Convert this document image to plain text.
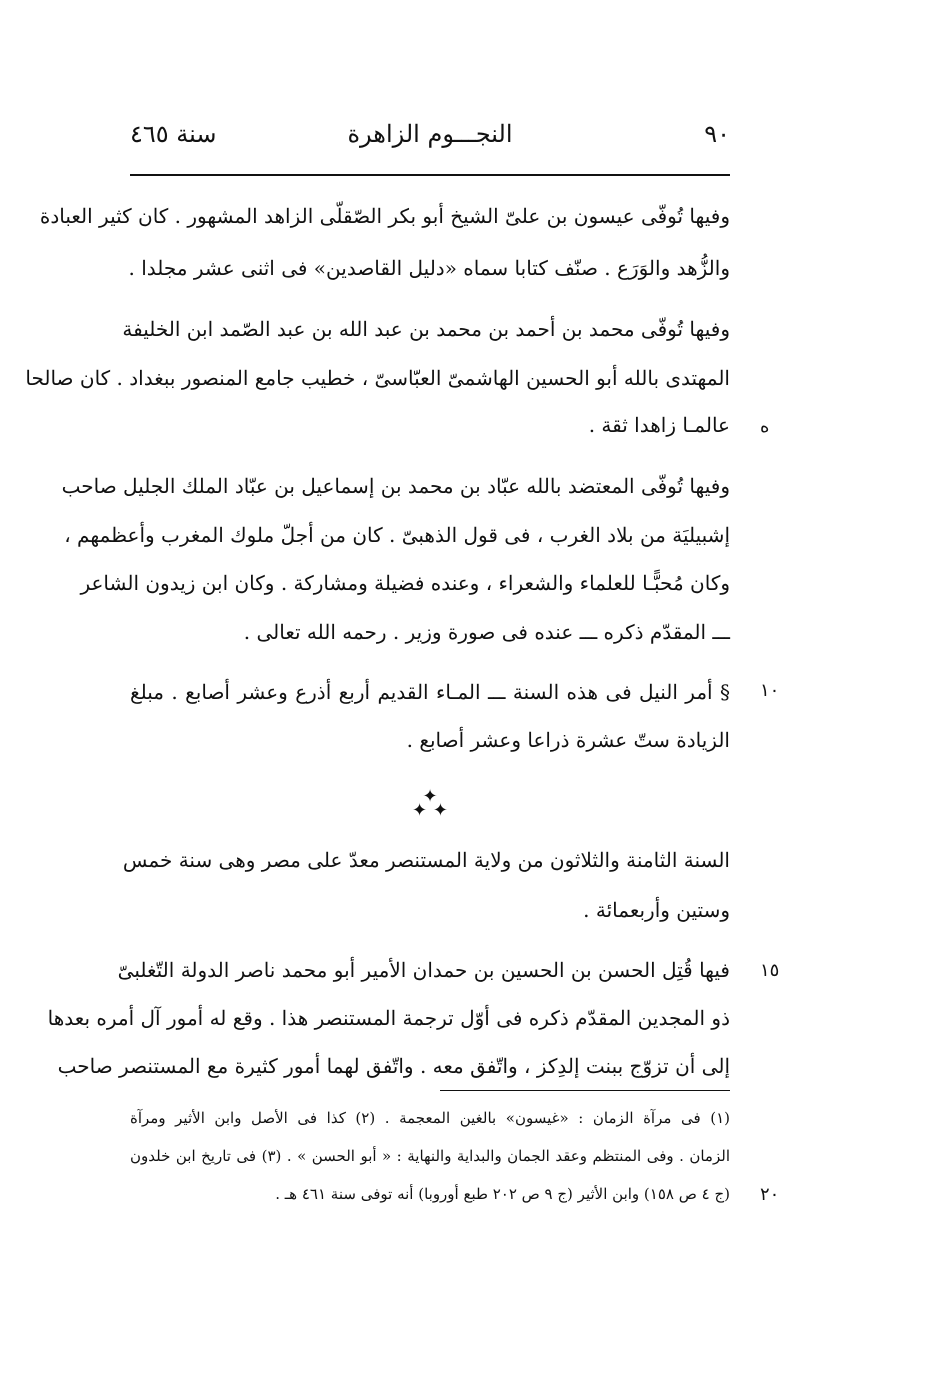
سنة ٤٦٥	النجـــوم الزاهرة	٩٠
وفيها تُوفّى عيسون بن علىّ الشيخ أبو بكر الصّقلّى الزاهد المشهور . كان كثير العبادة
والزُّهد والوَرَع . صنّف كتابا سماه «دليل القاصدين» فى اثنى عشر مجلدا .
وفيها تُوفّى محمد بن أحمد بن محمد بن عبد الله بن عبد الصّمد ابن الخليفة
المهتدى بالله أبو الحسين الهاشمىّ العبّاسىّ ، خطيب جامع المنصور ببغداد . كان صالحا
عالمـا زاهدا ثقة .
وفيها تُوفّى المعتضد بالله عبّاد بن محمد بن إسماعيل بن عبّاد الملك الجليل صاحب
إشبيليَة من بلاد الغرب ، فى قول الذهبىّ . كان من أجلّ ملوك المغرب وأعظمهم ،
وكان مُحبًّـا للعلماء والشعراء ، وعنده فضيلة ومشاركة . وكان ابن زيدون الشاعر
ـــ المقدّم ذكره ـــ عنده فى صورة وزير . رحمه الله تعالى .
§ أمر النيل فى هذه السنة ـــ المـاء القديم أربع أذرع وعشر أصابع . مبلغ
الزيادة ستّ عشرة ذراعا وعشر أصابع .
السنة الثامنة والثلاثون من ولاية المستنصر معدّ على مصر وهى سنة خمس
وستين وأربعمائة .
فيها قُتِل الحسن بن الحسين بن حمدان الأمير أبو محمد ناصر الدولة التّغلبىّ
ذو المجدين المقدّم ذكره فى أوّل ترجمة المستنصر هذا . وقع له أمور آل أمره بعدها
إلى أن تزوّج ببنت إلدِكز ، واتّفق معه . واتّفق لهما أمور كثيرة مع المستنصر صاحب
✦
✦ ✦
(١) فى مرآة الزمان : «غيسون» بالغين المعجمة . (٢) كذا فى الأصل وابن الأثير ومرآة
الزمان . وفى المنتظم وعقد الجمان والبداية والنهاية : « أبو الحسن » . (٣) فى تاريخ ابن خلدون
(ج ٤ ص ١٥٨) وابن الأثير (ج ٩ ص ٢٠٢ طبع أوروبا) أنه توفى سنة ٤٦١ هـ .
ه
١٠
١٥
٢٠
